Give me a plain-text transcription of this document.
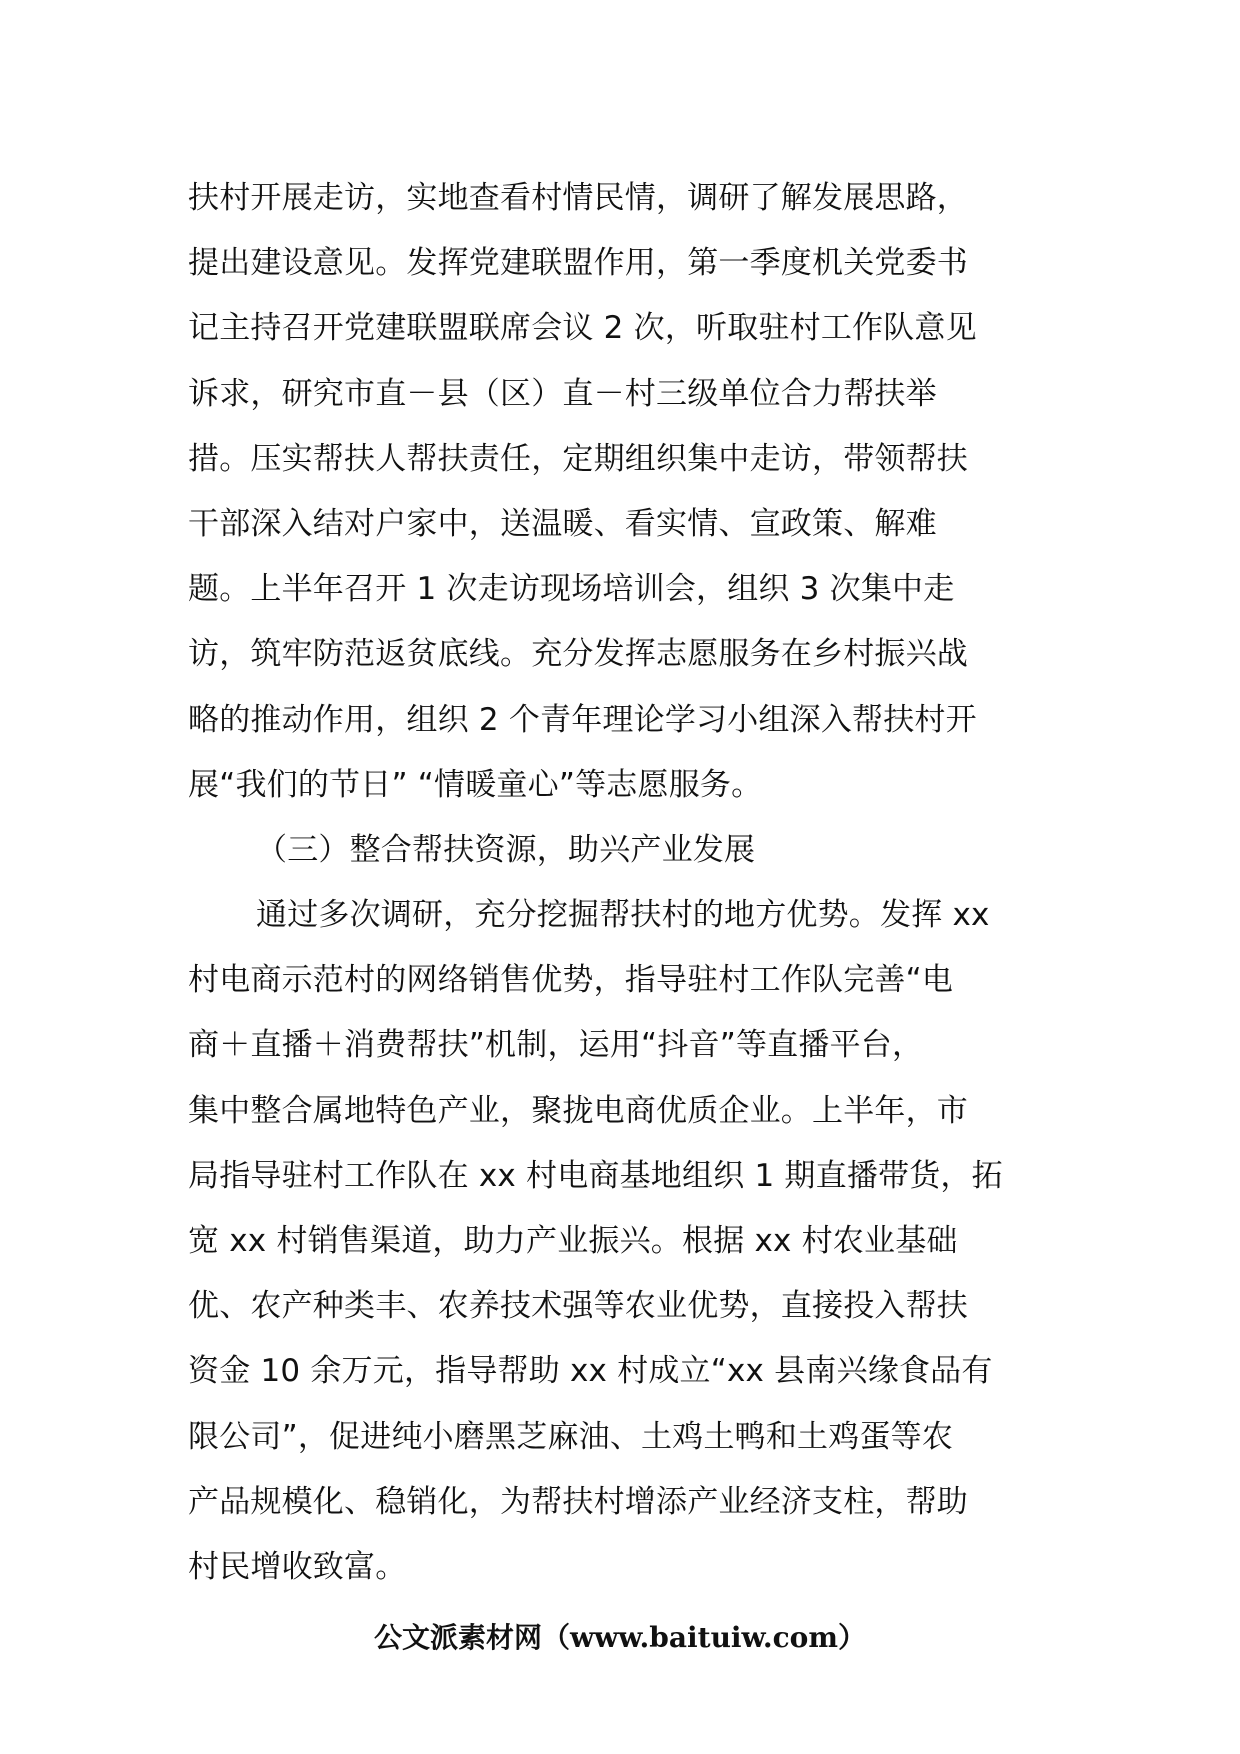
扶村开展走访，实地查看村情民情，调研了解发展思路，
提出建设意见。发挥党建联盟作用，第一季度机关党委书
记主持召开党建联盟联席会议 2 次，听取驻村工作队意见
诉求，研究市直－县（区）直－村三级单位合力帮扶举
措。压实帮扶人帮扶责任，定期组织集中走访，带领帮扶
干部深入结对户家中，送温暖、看实情、宣政策、解难
题。上半年召开 1 次走访现场培训会，组织 3 次集中走
访，筑牢防范返贫底线。充分发挥志愿服务在乡村振兴战
略的推动作用，组织 2 个青年理论学习小组深入帮扶村开
展“我们的节日” “情暖童心”等志愿服务。
（三）整合帮扶资源，助兴产业发展
通过多次调研，充分挖掘帮扶村的地方优势。发挥 xx
村电商示范村的网络销售优势，指导驻村工作队完善“电
商＋直播＋消费帮扶”机制，运用“抖音”等直播平台，
集中整合属地特色产业，聚拢电商优质企业。上半年，市
局指导驻村工作队在 xx 村电商基地组织 1 期直播带货，拓
宽 xx 村销售渠道，助力产业振兴。根据 xx 村农业基础
优、农产种类丰、农养技术强等农业优势，直接投入帮扶
资金 10 余万元，指导帮助 xx 村成立“xx 县南兴缘食品有
限公司”，促进纯小磨黑芝麻油、土鸡土鸭和土鸡蛋等农
产品规模化、稳销化，为帮扶村增添产业经济支柱，帮助
村民增收致富。
公文派素材网（www.baituiw.com）
